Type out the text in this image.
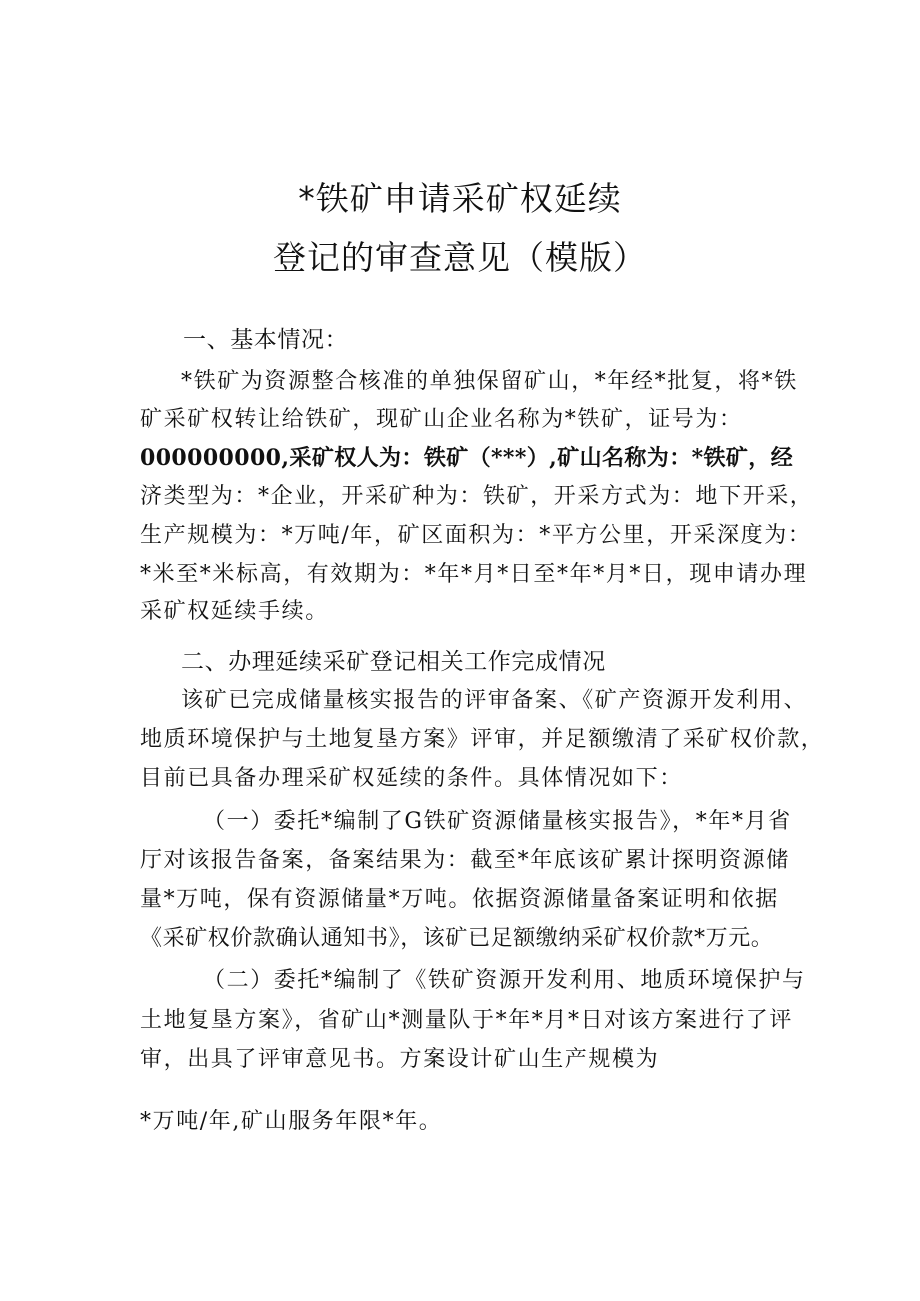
*铁矿申请采矿权延续
登记的审查意见（模版）

一、基本情况：

*铁矿为资源整合核准的单独保留矿山，*年经*批复，将*铁

矿采矿权转让给铁矿，现矿山企业名称为*铁矿，证号为：

000000000,采矿权人为：铁矿（***）,矿山名称为：*铁矿，经

济类型为：*企业，开采矿种为：铁矿，开采方式为：地下开采，

生产规模为：*万吨/年，矿区面积为：*平方公里，开采深度为：

*米至*米标高，有效期为：*年*月*日至*年*月*日，现申请办理

采矿权延续手续。

二、办理延续采矿登记相关工作完成情况

该矿已完成储量核实报告的评审备案、《矿产资源开发利用、

地质环境保护与土地复垦方案》评审，并足额缴清了采矿权价款，

目前已具备办理采矿权延续的条件。具体情况如下：

（一）委托*编制了G铁矿资源储量核实报告》，*年*月省

厅对该报告备案，备案结果为：截至*年底该矿累计探明资源储

量*万吨，保有资源储量*万吨。依据资源储量备案证明和依据

《采矿权价款确认通知书》，该矿已足额缴纳采矿权价款*万元。

（二）委托*编制了《铁矿资源开发利用、地质环境保护与

土地复垦方案》，省矿山*测量队于*年*月*日对该方案进行了评

审，出具了评审意见书。方案设计矿山生产规模为

*万吨/年,矿山服务年限*年。
